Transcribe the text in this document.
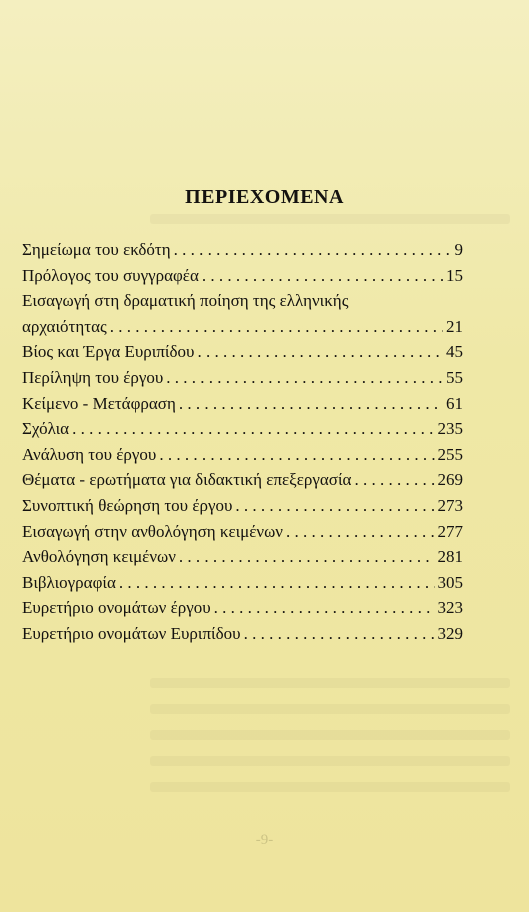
ΠΕΡΙΕΧΟΜΕΝΑ
Σημείωμα του εκδότη . . .	9
Πρόλογος του συγγραφέα . . .	15
Εισαγωγή στη δραματική ποίηση της ελληνικής
αρχαιότητας . . .	21
Βίος και Έργα Ευριπίδου . . .	45
Περίληψη του έργου . . .	55
Κείμενο - Μετάφραση . . .	61
Σχόλια . . .	235
Ανάλυση του έργου . . .	255
Θέματα - ερωτήματα για διδακτική επεξεργασία . . .	269
Συνοπτική θεώρηση του έργου . . .	273
Εισαγωγή στην ανθολόγηση κειμένων . . .	277
Ανθολόγηση κειμένων . . .	281
Βιβλιογραφία . . .	305
Ευρετήριο ονομάτων έργου . . .	323
Ευρετήριο ονομάτων Ευριπίδου . . .	329
-9-
